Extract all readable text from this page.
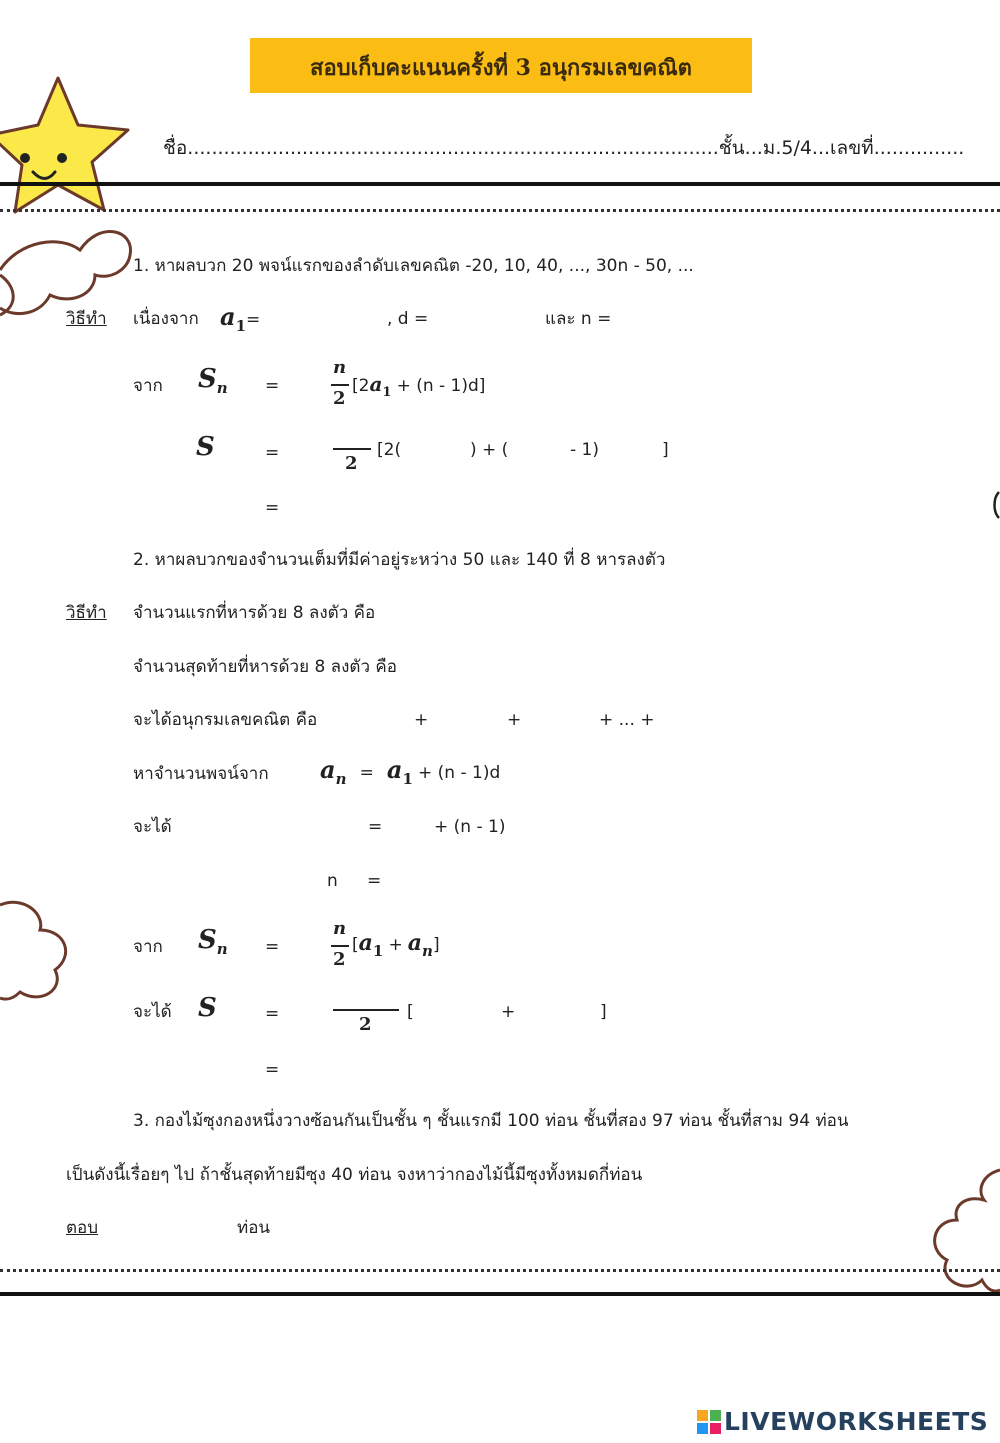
สอบเก็บคะแนนครั้งที่ 3 อนุกรมเลขคณิต
ชื่อ........................................................................................ชั้น...ม.5/4...เลขที่...............
1. หาผลบวก 20 พจน์แรกของลำดับเลขคณิต -20, 10, 40, ..., 30n - 50, ...
วิธีทำ เนื่องจาก a1=	, d =	และ n =
จาก Sn =
n
2
$[2a_1 + (n - 1)d]$
S	=	2
[2(	) + (	- 1)	]
=
2. หาผลบวกของจำนวนเต็มที่มีค่าอยู่ระหว่าง 50 และ 140 ที่ 8 หารลงตัว
วิธีทำ จำนวนแรกที่หารด้วย 8 ลงตัว คือ
จำนวนสุดท้ายที่หารด้วย 8 ลงตัว คือ
จะได้อนุกรมเลขคณิต คือ	+	+	+ ... +
หาจำนวนพจน์จาก an = a1 + (n - 1)d
จะได้	=	+ (n - 1)
n =
จาก Sn =
n
2
[a1 + an]
จะได้ S	=	2
[	+	]
=
3. กองไม้ซุงกองหนึ่งวางซ้อนกันเป็นชั้น ๆ ชั้นแรกมี 100 ท่อน ชั้นที่สอง 97 ท่อน ชั้นที่สาม 94 ท่อน
เป็นดังนี้เรื่อยๆ ไป ถ้าชั้นสุดท้ายมีซุง 40 ท่อน จงหาว่ากองไม้นี้มีซุงทั้งหมดกี่ท่อน
ตอบ	ท่อน
LIVEWORKSHEETS
